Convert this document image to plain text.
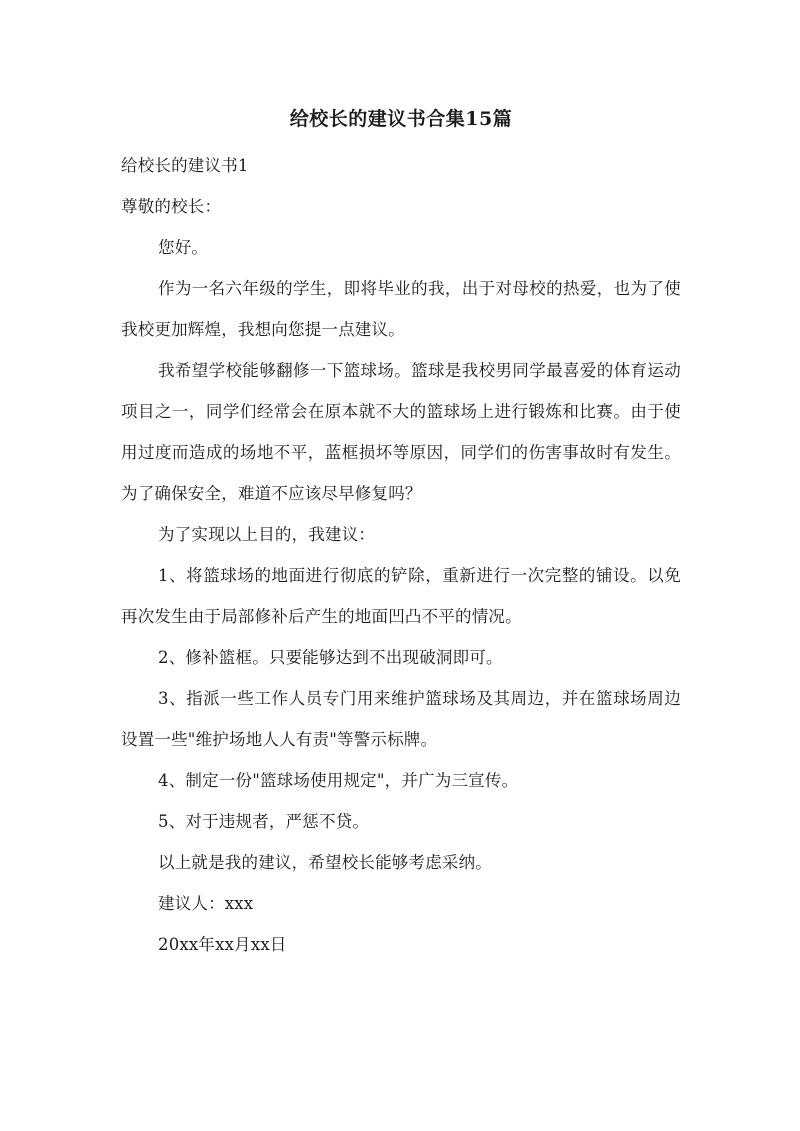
给校长的建议书合集15篇

给校长的建议书1

尊敬的校长：

您好。

作为一名六年级的学生，即将毕业的我，出于对母校的热爱，也为了使我校更加辉煌，我想向您提一点建议。

我希望学校能够翻修一下篮球场。篮球是我校男同学最喜爱的体育运动项目之一，同学们经常会在原本就不大的篮球场上进行锻炼和比赛。由于使用过度而造成的场地不平，蓝框损坏等原因，同学们的伤害事故时有发生。为了确保安全，难道不应该尽早修复吗？

为了实现以上目的，我建议：

1、将篮球场的地面进行彻底的铲除，重新进行一次完整的铺设。以免再次发生由于局部修补后产生的地面凹凸不平的情况。

2、修补篮框。只要能够达到不出现破洞即可。

3、指派一些工作人员专门用来维护篮球场及其周边，并在篮球场周边设置一些"维护场地人人有责"等警示标牌。

4、制定一份"篮球场使用规定"，并广为三宣传。

5、对于违规者，严惩不贷。

以上就是我的建议，希望校长能够考虑采纳。

建议人：xxx

20xx年xx月xx日
